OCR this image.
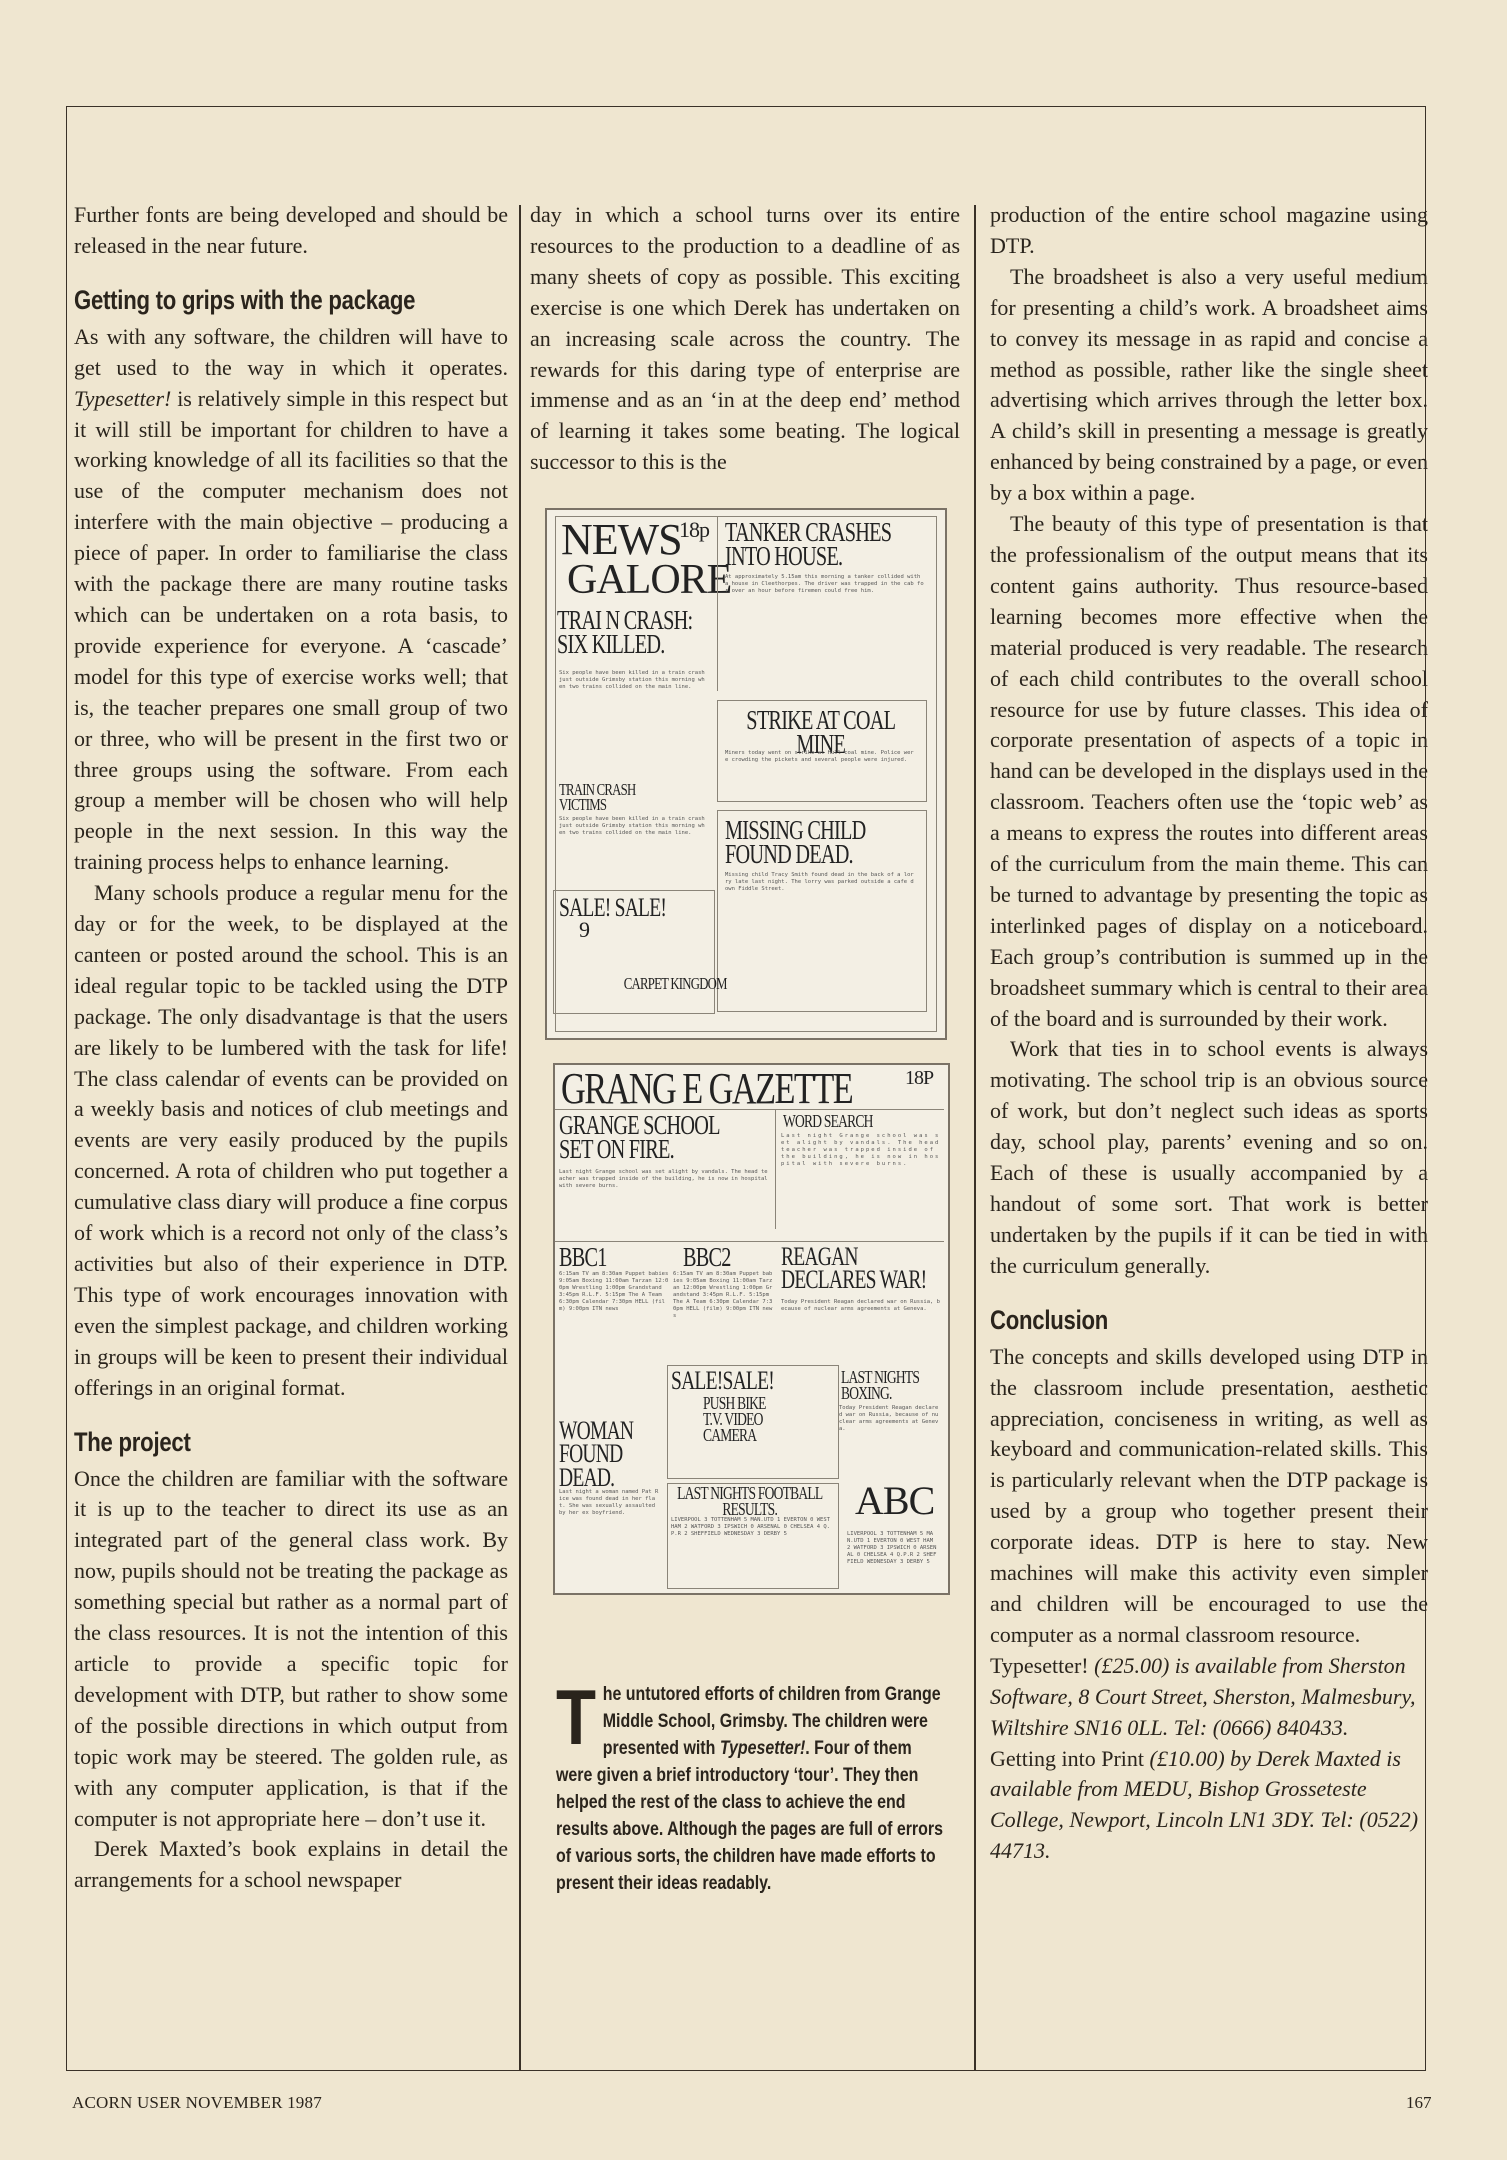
Further fonts are being developed and should be released in the near future.

Getting to grips with the package

As with any software, the children will have to get used to the way in which it operates. Typesetter! is relatively simple in this respect but it will still be important for children to have a working knowledge of all its facilities so that the use of the computer mechanism does not interfere with the main objective – producing a piece of paper. In order to familiarise the class with the package there are many routine tasks which can be undertaken on a rota basis, to provide experience for everyone. A ‘cascade’ model for this type of exercise works well; that is, the teacher prepares one small group of two or three, who will be present in the first two or three groups using the software. From each group a member will be chosen who will help people in the next session. In this way the training process helps to enhance learning.

Many schools produce a regular menu for the day or for the week, to be displayed at the canteen or posted around the school. This is an ideal regular topic to be tackled using the DTP package. The only disadvantage is that the users are likely to be lumbered with the task for life! The class calendar of events can be provided on a weekly basis and notices of club meetings and events are very easily produced by the pupils concerned. A rota of children who put together a cumulative class diary will produce a fine corpus of work which is a record not only of the class’s activities but also of their experience in DTP. This type of work encourages innovation with even the simplest package, and children working in groups will be keen to present their individual offerings in an original format.

The project

Once the children are familiar with the software it is up to the teacher to direct its use as an integrated part of the general class work. By now, pupils should not be treating the package as something special but rather as a normal part of the class resources. It is not the intention of this article to provide a specific topic for development with DTP, but rather to show some of the possible directions in which output from topic work may be steered. The golden rule, as with any computer application, is that if the computer is not appropriate here – don’t use it.

Derek Maxted’s book explains in detail the arrangements for a school newspaper

day in which a school turns over its entire resources to the production to a deadline of as many sheets of copy as possible. This exciting exercise is one which Derek has undertaken on an increasing scale across the country. The rewards for this daring type of enterprise are immense and as an ‘in at the deep end’ method of learning it takes some beating. The logical successor to this is the

NEWS
18p
GALORE
TANKER CRASHES INTO HOUSE.
At approximately 5.15am this morning a tanker collided with a house in Cleethorpes. The driver was trapped in the cab for over an hour before firemen could free him.
TRAI N CRASH: SIX KILLED.
Six people have been killed in a train crash just outside Grimsby station this morning when two trains collided on the main line.
STRIKE AT COAL MINE
Miners today went on strike at Hull coal mine. Police were crowding the pickets and several people were injured.
TRAIN CRASH VICTIMS
Six people have been killed in a train crash just outside Grimsby station this morning when two trains collided on the main line.	MISSING CHILD FOUND DEAD.
Missing child Tracy Smith found dead in the back of a lorry late last night. The lorry was parked outside a cafe down Fiddle Street.
SALE! SALE!
9
CARPET KINGDOM
GRANG E GAZETTE	18P
GRANGE SCHOOL SET ON FIRE.
Last night Grange school was set alight by vandals. The head teacher was trapped inside of the building, he is now in hospital with severe burns.
WORD SEARCH
Last night Grange school was set alight by vandals. The head teacher was trapped inside of the building, he is now in hospital with severe burns.
BBC1
6:15am TV am 8:30am Puppet babies 9:05am Boxing 11:00am Tarzan 12:00pm Wrestling 1:00pm Grandstand 3:45pm R.L.F. 5:15pm The A Team 6:30pm Calendar 7:30pm HELL (film) 9:00pm ITN news
BBC2
6:15am TV am 8:30am Puppet babies 9:05am Boxing 11:00am Tarzan 12:00pm Wrestling 1:00pm Grandstand 3:45pm R.L.F. 5:15pm The A Team 6:30pm Calendar 7:30pm HELL (film) 9:00pm ITN news
REAGAN DECLARES WAR!
Today President Reagan declared war on Russia, because of nuclear arms agreements at Geneva.
SALE!SALE!
PUSH BIKE T.V. VIDEO CAMERA
LAST NIGHTS BOXING.
Today President Reagan declared war on Russia, because of nuclear arms agreements at Geneva.
WOMAN FOUND DEAD.
Last night a woman named Pat Rice was found dead in her flat. She was sexually assaulted by her ex boyfriend.
LAST NIGHTS FOOTBALL RESULTS.
LIVERPOOL 3 TOTTENHAM 5 MAN.UTD 1 EVERTON 0 WEST HAM 2 WATFORD 3 IPSWICH 0 ARSENAL 0 CHELSEA 4 Q.P.R 2 SHEFFIELD WEDNESDAY 3 DERBY 5
ABC
LIVERPOOL 3 TOTTENHAM 5 MAN.UTD 1 EVERTON 0 WEST HAM 2 WATFORD 3 IPSWICH 0 ARSENAL 0 CHELSEA 4 Q.P.R 2 SHEFFIELD WEDNESDAY 3 DERBY 5
The untutored efforts of children from Grange Middle School, Grimsby. The children were presented with Typesetter!. Four of them were given a brief introductory ‘tour’. They then helped the rest of the class to achieve the end results above. Although the pages are full of errors of various sorts, the children have made efforts to present their ideas readably.

production of the entire school magazine using DTP.

The broadsheet is also a very useful medium for presenting a child’s work. A broadsheet aims to convey its message in as rapid and concise a method as possible, rather like the single sheet advertising which arrives through the letter box. A child’s skill in presenting a message is greatly enhanced by being constrained by a page, or even by a box within a page.

The beauty of this type of presentation is that the professionalism of the output means that its content gains authority. Thus resource-based learning becomes more effective when the material produced is very readable. The research of each child contributes to the overall school resource for use by future classes. This idea of corporate presentation of aspects of a topic in hand can be developed in the displays used in the classroom. Teachers often use the ‘topic web’ as a means to express the routes into different areas of the curriculum from the main theme. This can be turned to advantage by presenting the topic as interlinked pages of display on a noticeboard. Each group’s contribution is summed up in the broadsheet summary which is central to their area of the board and is surrounded by their work.

Work that ties in to school events is always motivating. The school trip is an obvious source of work, but don’t neglect such ideas as sports day, school play, parents’ evening and so on. Each of these is usually accompanied by a handout of some sort. That work is better undertaken by the pupils if it can be tied in with the curriculum generally.

Conclusion

The concepts and skills developed using DTP in the classroom include presentation, aesthetic appreciation, conciseness in writing, as well as keyboard and communication-related skills. This is particularly relevant when the DTP package is used by a group who together present their corporate ideas. DTP is here to stay. New machines will make this activity even simpler and children will be encouraged to use the computer as a normal classroom resource.

Typesetter! (£25.00) is available from Sherston Software, 8 Court Street, Sherston, Malmesbury, Wiltshire SN16 0LL. Tel: (0666) 840433.

Getting into Print (£10.00) by Derek Maxted is available from MEDU, Bishop Grosseteste College, Newport, Lincoln LN1 3DY. Tel: (0522) 44713.

ACORN USER NOVEMBER 1987	167
